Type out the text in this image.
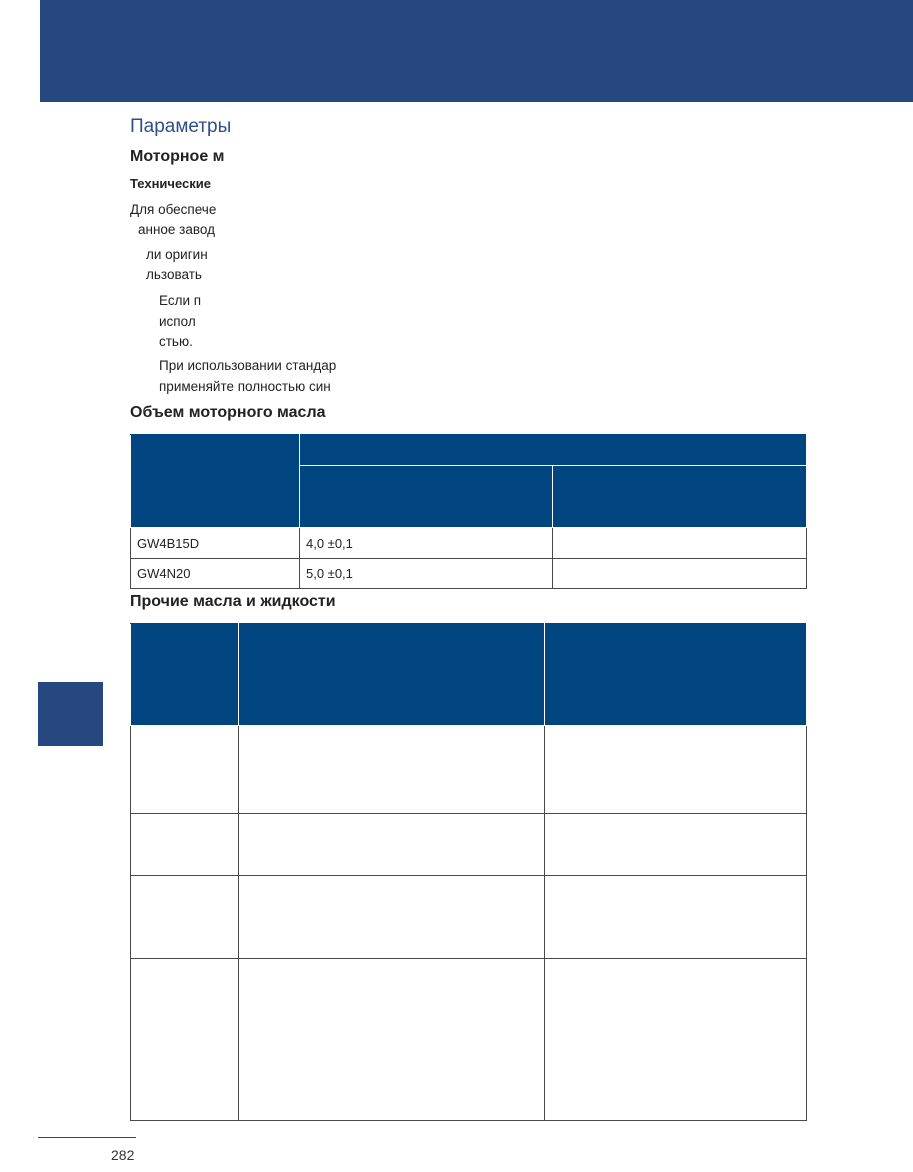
Параметры
Моторное м
Технические
Для обеспече
анное завод
ли оригин
льзовать
Если п
испол
стью.
При использовании стандар
применяйте полностью син
Объем моторного масла

GW4B15D	4,0 ±0,1	
GW4N20	5,0 ±0,1	
Прочие масла и жидкости

282
